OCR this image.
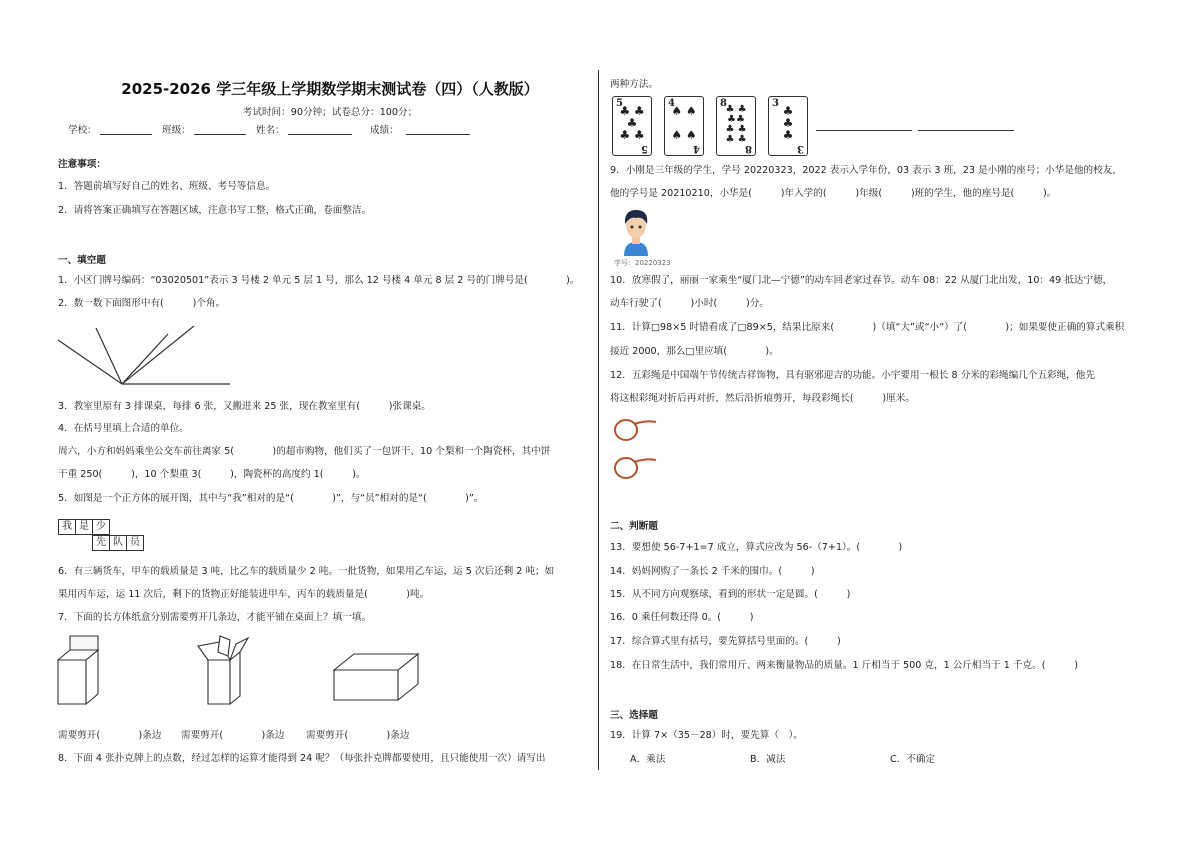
2025-2026 学三年级上学期数学期末测试卷（四）（人教版）
考试时间：90分钟；试卷总分：100分；
学校：	班级：	姓名：	成绩：
注意事项：
1．答题前填写好自己的姓名、班级、考号等信息。
2．请将答案正确填写在答题区域，注意书写工整，格式正确，卷面整洁。
一、填空题
1．小区门牌号编码：“03020501”表示 3 号楼 2 单元 5 层 1 号，那么 12 号楼 4 单元 8 层 2 号的门牌号是(　　　　)。
2．数一数下面图形中有(　　　)个角。
3．教室里原有 3 排课桌，每排 6 张，又搬进来 25 张，现在教室里有(　　　)张课桌。
4．在括号里填上合适的单位。
周六，小方和妈妈乘坐公交车前往离家 5(　　　　)的超市购物，他们买了一包饼干、10 个梨和一个陶瓷杯，其中饼
干重 250(　　　)，10 个梨重 3(　　　)，陶瓷杯的高度约 1(　　　)。
5．如图是一个正方体的展开图，其中与“我”相对的是“(　　　　)”，与“员”相对的是“(　　　　)”。
我 是 少
先 队 员
6．有三辆货车，甲车的载质量是 3 吨，比乙车的载质量少 2 吨。一批货物，如果用乙车运，运 5 次后还剩 2 吨；如
果用丙车运，运 11 次后，剩下的货物正好能装进甲车，丙车的载质量是(　　　　)吨。
7．下面的长方体纸盒分别需要剪开几条边，才能平铺在桌面上？填一填。
需要剪开(　　　　)条边 需要剪开(　　　　)条边 需要剪开(　　　　)条边
8．下面 4 张扑克牌上的点数，经过怎样的运算才能得到 24 呢？（每张扑克牌都要使用，且只能使用一次）请写出
两种方法。
5
♣ ♣
♣
♣ ♣
5
4
♠ ♠

♠ ♠
4
8
♣ ♣
♣♣
♣ ♣
♣ ♣
8
3
♣
♣
♣
3
9．小刚是三年级的学生，学号 20220323，2022 表示入学年份，03 表示 3 班，23 是小刚的座号；小华是他的校友，
他的学号是 20210210，小华是(　　　)年入学的(　　　)年级(　　　)班的学生，他的座号是(　　　)。
学号：20220323
10．放寒假了，丽丽一家乘坐“厦门北—宁德”的动车回老家过春节。动车 08：22 从厦门北出发，10：49 抵达宁德，
动车行驶了(　　　)小时(　　　)分。
11．计算□98×5 时错看成了□89×5，结果比原来(　　　　)（填“大”或“小”）了(　　　　)；如果要使正确的算式乘积
接近 2000，那么□里应填(　　　　)。
12．五彩绳是中国端午节传统吉祥饰物，具有驱邪迎吉的功能。小宇要用一根长 8 分米的彩绳编几个五彩绳，他先
将这根彩绳对折后再对折，然后沿折痕剪开，每段彩绳长(　　　)厘米。
二、判断题
13．要想使 56-7+1=7 成立，算式应改为 56-（7+1）。(　　　　)
14．妈妈网购了一条长 2 千米的围巾。(　　　)
15．从不同方向观察球，看到的形状一定是圆。(　　　)
16．0 乘任何数还得 0。(　　　)
17．综合算式里有括号，要先算括号里面的。(　　　)
18．在日常生活中，我们常用斤、两来衡量物品的质量。1 斤相当于 500 克，1 公斤相当于 1 千克。(　　　)
三、选择题
19．计算 7×（35－28）时，要先算（　）。
A．乘法	B．减法	C．不确定
